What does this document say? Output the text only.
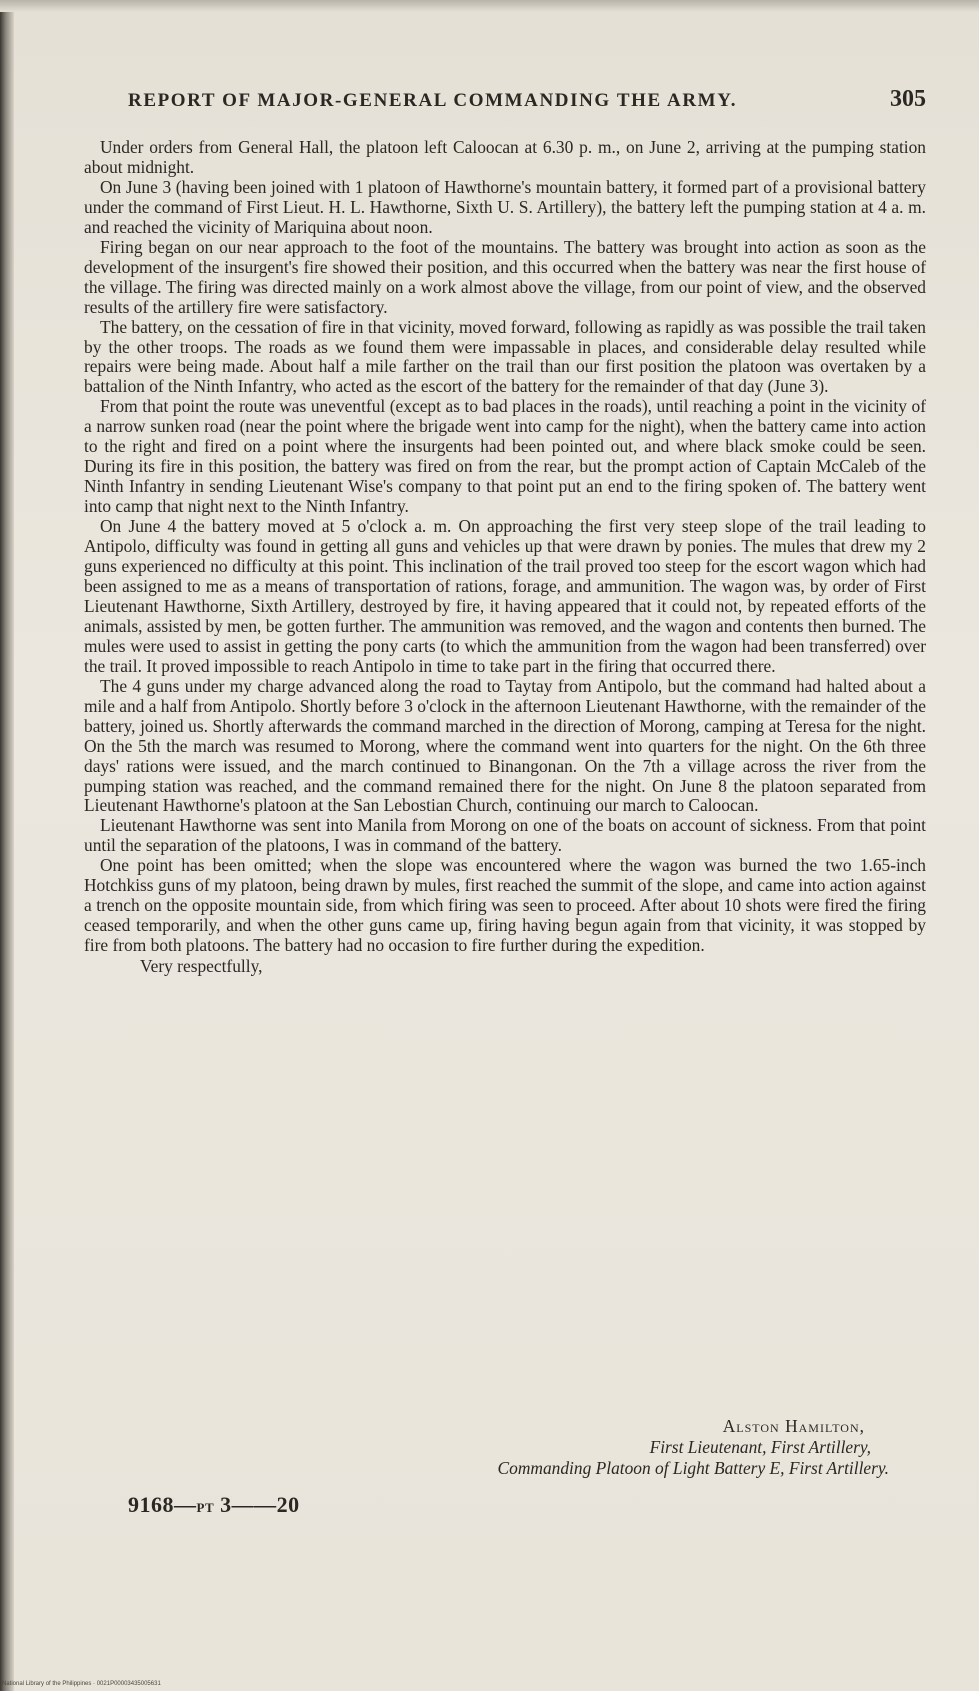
REPORT OF MAJOR-GENERAL COMMANDING THE ARMY.	305

Under orders from General Hall, the platoon left Caloocan at 6.30 p. m., on June 2, arriving at the pumping station about midnight.

On June 3 (having been joined with 1 platoon of Hawthorne's mountain battery, it formed part of a provisional battery under the command of First Lieut. H. L. Hawthorne, Sixth U. S. Artillery), the battery left the pumping station at 4 a. m. and reached the vicinity of Mariquina about noon.

Firing began on our near approach to the foot of the mountains. The battery was brought into action as soon as the development of the insurgent's fire showed their position, and this occurred when the battery was near the first house of the village. The firing was directed mainly on a work almost above the village, from our point of view, and the observed results of the artillery fire were satisfactory.

The battery, on the cessation of fire in that vicinity, moved forward, following as rapidly as was possible the trail taken by the other troops. The roads as we found them were impassable in places, and considerable delay resulted while repairs were being made. About half a mile farther on the trail than our first position the platoon was overtaken by a battalion of the Ninth Infantry, who acted as the escort of the battery for the remainder of that day (June 3).

From that point the route was uneventful (except as to bad places in the roads), until reaching a point in the vicinity of a narrow sunken road (near the point where the brigade went into camp for the night), when the battery came into action to the right and fired on a point where the insurgents had been pointed out, and where black smoke could be seen. During its fire in this position, the battery was fired on from the rear, but the prompt action of Captain McCaleb of the Ninth Infantry in sending Lieutenant Wise's company to that point put an end to the firing spoken of. The battery went into camp that night next to the Ninth Infantry.

On June 4 the battery moved at 5 o'clock a. m. On approaching the first very steep slope of the trail leading to Antipolo, difficulty was found in getting all guns and vehicles up that were drawn by ponies. The mules that drew my 2 guns experienced no difficulty at this point. This inclination of the trail proved too steep for the escort wagon which had been assigned to me as a means of transportation of rations, forage, and ammunition. The wagon was, by order of First Lieutenant Hawthorne, Sixth Artillery, destroyed by fire, it having appeared that it could not, by repeated efforts of the animals, assisted by men, be gotten further. The ammunition was removed, and the wagon and contents then burned. The mules were used to assist in getting the pony carts (to which the ammunition from the wagon had been transferred) over the trail. It proved impossible to reach Antipolo in time to take part in the firing that occurred there.

The 4 guns under my charge advanced along the road to Taytay from Antipolo, but the command had halted about a mile and a half from Antipolo. Shortly before 3 o'clock in the afternoon Lieutenant Hawthorne, with the remainder of the battery, joined us. Shortly afterwards the command marched in the direction of Morong, camping at Teresa for the night. On the 5th the march was resumed to Morong, where the command went into quarters for the night. On the 6th three days' rations were issued, and the march continued to Binangonan. On the 7th a village across the river from the pumping station was reached, and the command remained there for the night. On June 8 the platoon separated from Lieutenant Hawthorne's platoon at the San Lebostian Church, continuing our march to Caloocan.

Lieutenant Hawthorne was sent into Manila from Morong on one of the boats on account of sickness. From that point until the separation of the platoons, I was in command of the battery.

One point has been omitted; when the slope was encountered where the wagon was burned the two 1.65-inch Hotchkiss guns of my platoon, being drawn by mules, first reached the summit of the slope, and came into action against a trench on the opposite mountain side, from which firing was seen to proceed. After about 10 shots were fired the firing ceased temporarily, and when the other guns came up, firing having begun again from that vicinity, it was stopped by fire from both platoons. The battery had no occasion to fire further during the expedition.

Very respectfully,

Alston Hamilton,
First Lieutenant, First Artillery,
Commanding Platoon of Light Battery E, First Artillery.
9168—pt 3——20
National Library of the Philippines · 0021P00003435005631
